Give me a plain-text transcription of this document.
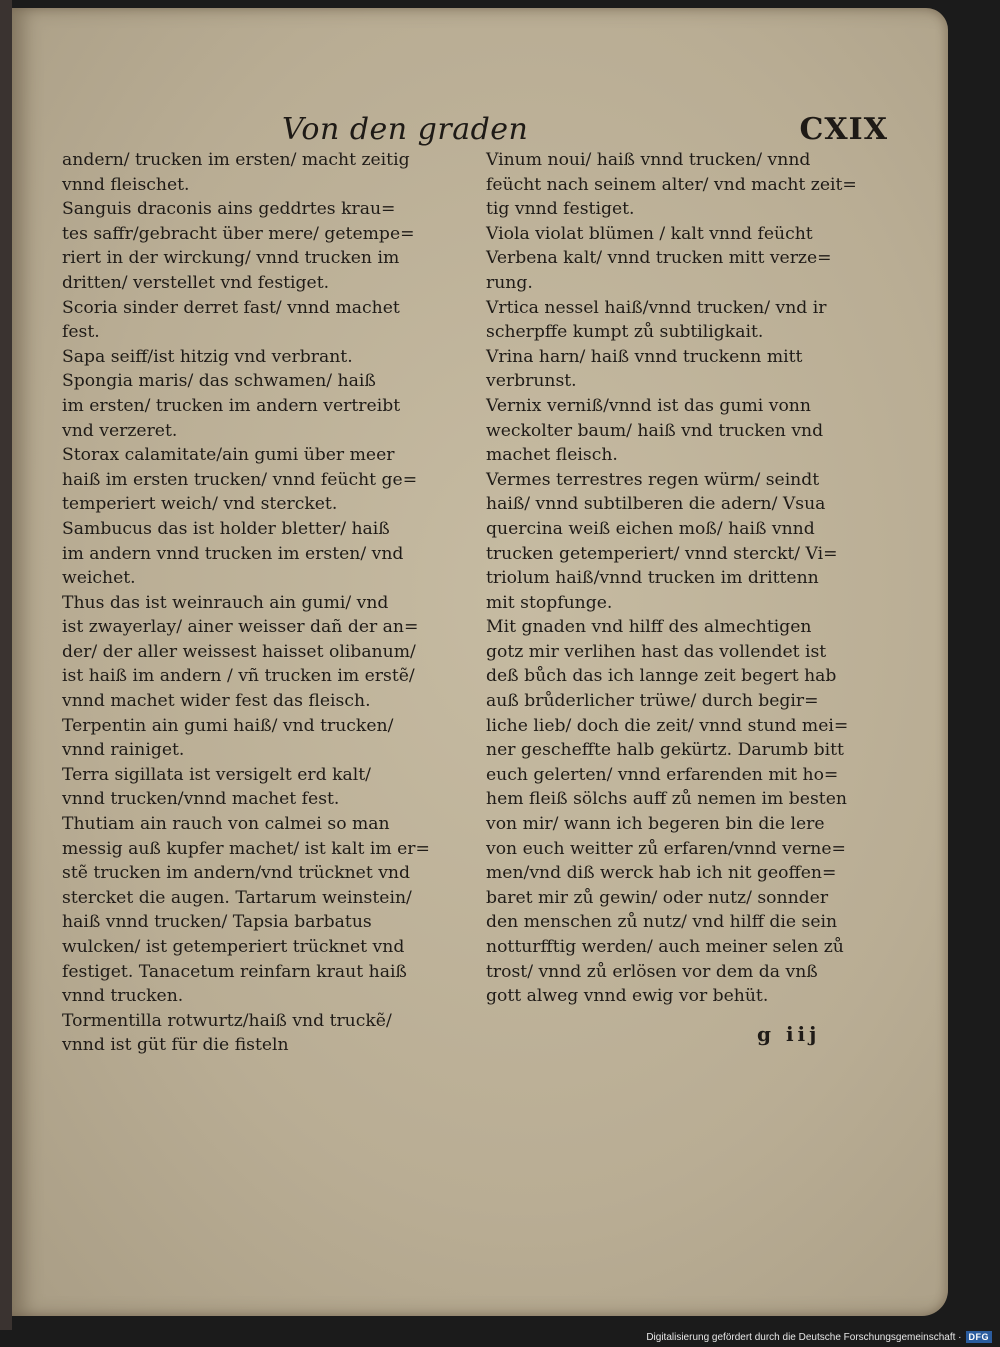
Von den graden	CXIX
andern/ trucken im ersten/ macht zeitig
vnnd fleischet.
Sanguis draconis ains geddrtes krau=
tes saffr/gebracht über mere/ getempe=
riert in der wirckung/ vnnd trucken im
dritten/ verstellet vnd festiget.
Scoria sinder derret fast/ vnnd machet
fest.
Sapa seiff/ist hitzig vnd verbrant.
Spongia maris/ das schwamen/ haiß
im ersten/ trucken im andern vertreibt
vnd verzeret.
Storax calamitate/ain gumi über meer
haiß im ersten trucken/ vnnd feücht ge=
temperiert weich/ vnd stercket.
Sambucus das ist holder bletter/ haiß
im andern vnnd trucken im ersten/ vnd
weichet.
Thus das ist weinrauch ain gumi/ vnd
ist zwayerlay/ ainer weisser dañ der an=
der/ der aller weissest haisset olibanum/
ist haiß im andern / vñ trucken im erstẽ/
vnnd machet wider fest das fleisch.
Terpentin ain gumi haiß/ vnd trucken/
vnnd rainiget.
Terra sigillata ist versigelt erd kalt/
vnnd trucken/vnnd machet fest.
Thutiam ain rauch von calmei so man
messig auß kupfer machet/ ist kalt im er=
stẽ trucken im andern/vnd trücknet vnd
stercket die augen. Tartarum weinstein/
haiß vnnd trucken/ Tapsia barbatus
wulcken/ ist getemperiert trücknet vnd
festiget. Tanacetum reinfarn kraut haiß
vnnd trucken.
Tormentilla rotwurtz/haiß vnd truckẽ/
vnnd ist güt für die fisteln
Vinum noui/ haiß vnnd trucken/ vnnd
feücht nach seinem alter/ vnd macht zeit=
tig vnnd festiget.
Viola violat blümen / kalt vnnd feücht
Verbena kalt/ vnnd trucken mitt verze=
rung.
Vrtica nessel haiß/vnnd trucken/ vnd ir
scherpffe kumpt zů subtiligkait.
Vrina harn/ haiß vnnd truckenn mitt
verbrunst.
Vernix verniß/vnnd ist das gumi vonn
weckolter baum/ haiß vnd trucken vnd
machet fleisch.
Vermes terrestres regen würm/ seindt
haiß/ vnnd subtilberen die adern/ Vsua
quercina weiß eichen moß/ haiß vnnd
trucken getemperiert/ vnnd sterckt/ Vi=
triolum haiß/vnnd trucken im drittenn
mit stopfunge.
Mit gnaden vnd hilff des almechtigen
gotz mir verlihen hast das vollendet ist
deß bůch das ich lannge zeit begert hab
auß brůderlicher trüwe/ durch begir=
liche lieb/ doch die zeit/ vnnd stund mei=
ner gescheffte halb gekürtz. Darumb bitt
euch gelerten/ vnnd erfarenden mit ho=
hem fleiß sölchs auff zů nemen im besten
von mir/ wann ich begeren bin die lere
von euch weitter zů erfaren/vnnd verne=
men/vnd diß werck hab ich nit geoffen=
baret mir zů gewin/ oder nutz/ sonnder
den menschen zů nutz/ vnd hilff die sein
notturfftig werden/ auch meiner selen zů
trost/ vnnd zů erlösen vor dem da vnß
gott alweg vnnd ewig vor behüt.
g iij
Digitalisierung gefördert durch die Deutsche Forschungsgemeinschaft · DFG
